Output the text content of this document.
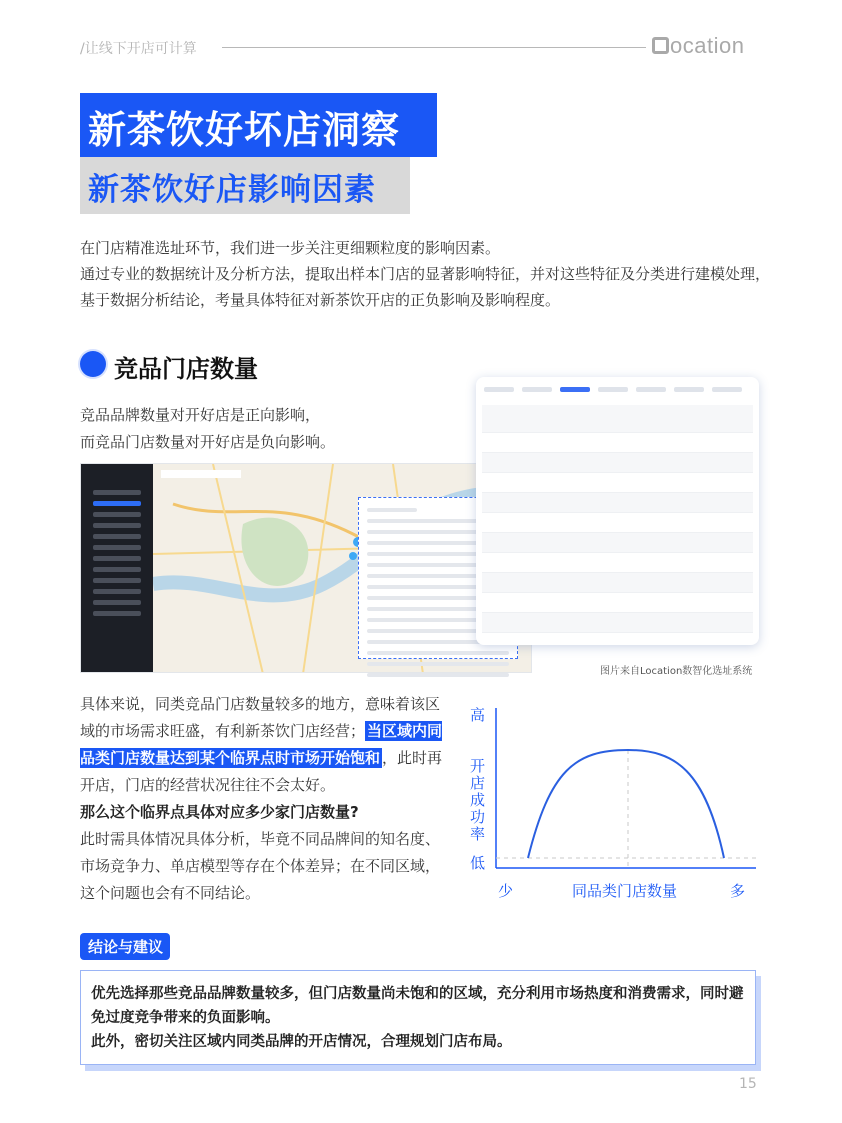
/让线下开店可计算	ocation
新茶饮好坏店洞察
新茶饮好店影响因素
在门店精准选址环节，我们进一步关注更细颗粒度的影响因素。
通过专业的数据统计及分析方法，提取出样本门店的显著影响特征，并对这些特征及分类进行建模处理，基于数据分析结论，考量具体特征对新茶饮开店的正负影响及影响程度。
竞品门店数量
竞品品牌数量对开好店是正向影响，
而竞品门店数量对开好店是负向影响。
图片来自Location数智化选址系统
具体来说，同类竞品门店数量较多的地方，意味着该区域的市场需求旺盛，有利新茶饮门店经营； 当区域内同品类门店数量达到某个临界点时市场开始饱和 ，此时再开店，门店的经营状况往往不会太好。
那么这个临界点具体对应多少家门店数量?
此时需具体情况具体分析，毕竟不同品牌间的知名度、市场竞争力、单店模型等存在个体差异；在不同区域，这个问题也会有不同结论。
高
开店成功率
低
少	同品类门店数量	多
结论与建议

优先选择那些竞品品牌数量较多，但门店数量尚未饱和的区域，充分利用市场热度和消费需求，同时避免过度竞争带来的负面影响。
此外，密切关注区域内同类品牌的开店情况，合理规划门店布局。

15
